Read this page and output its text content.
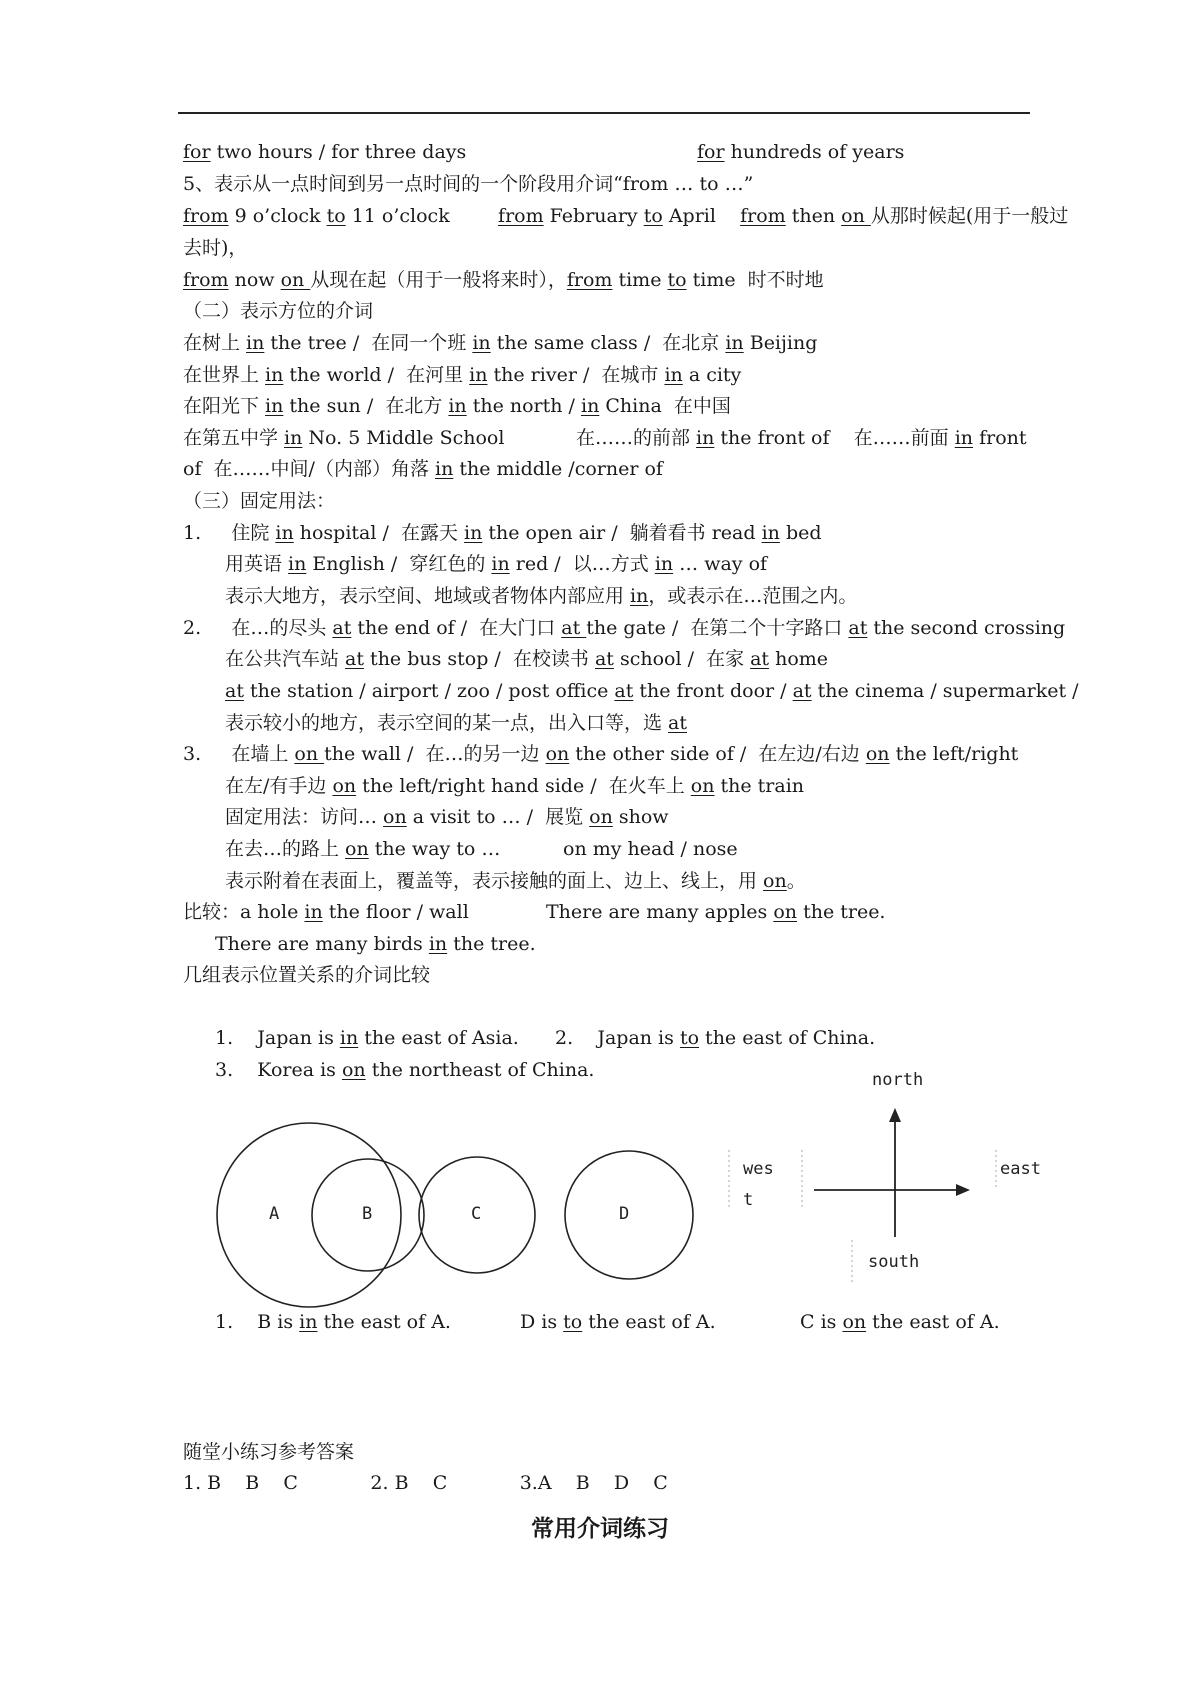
for two hours / for three days	for hundreds of years
5、表示从一点时间到另一点时间的一个阶段用介词“from … to …”
from 9 o’clock to 11 o’clock        from February to April    from then on 从那时候起(用于一般过
去时)，
from now on 从现在起（用于一般将来时），from time to time  时不时地
（二）表示方位的介词
在树上 in the tree /  在同一个班 in the same class /  在北京 in Beijing
在世界上 in the world /  在河里 in the river /  在城市 in a city
在阳光下 in the sun /  在北方 in the north / in China  在中国
在第五中学 in No. 5 Middle School	在……的前部 in the front of    在……前面 in front
of  在……中间/（内部）角落 in the middle /corner of
（三）固定用法：
1.     住院 in hospital /  在露天 in the open air /  躺着看书 read in bed
用英语 in English /  穿红色的 in red /  以…方式 in … way of
表示大地方，表示空间、地域或者物体内部应用 in，或表示在…范围之内。
2.     在…的尽头 at the end of /  在大门口 at the gate /  在第二个十字路口 at the second crossing
在公共汽车站 at the bus stop /  在校读书 at school /  在家 at home
at the station / airport / zoo / post office at the front door / at the cinema / supermarket /
表示较小的地方，表示空间的某一点，出入口等，选 at
3.     在墙上 on the wall /  在…的另一边 on the other side of /  在左边/右边 on the left/right
在左/有手边 on the left/right hand side /  在火车上 on the train
固定用法：访问… on a visit to … /  展览 on show
在去…的路上 on the way to …	on my head / nose
表示附着在表面上，覆盖等，表示接触的面上、边上、线上，用 on。
比较：a hole in the floor / wall	There are many apples on the tree.
There are many birds in the tree.
几组表示位置关系的介词比较
1.    Japan is in the east of Asia.      2.    Japan is to the east of China.
3.    Korea is on the northeast of China.
1.    B is in the east of A.	D is to the east of A.	C is on the east of A.
随堂小练习参考答案
1. B    B    C            2. B    C            3.A    B    D    C
A	B	C	D
north
south
east
wes
t
常用介词练习
